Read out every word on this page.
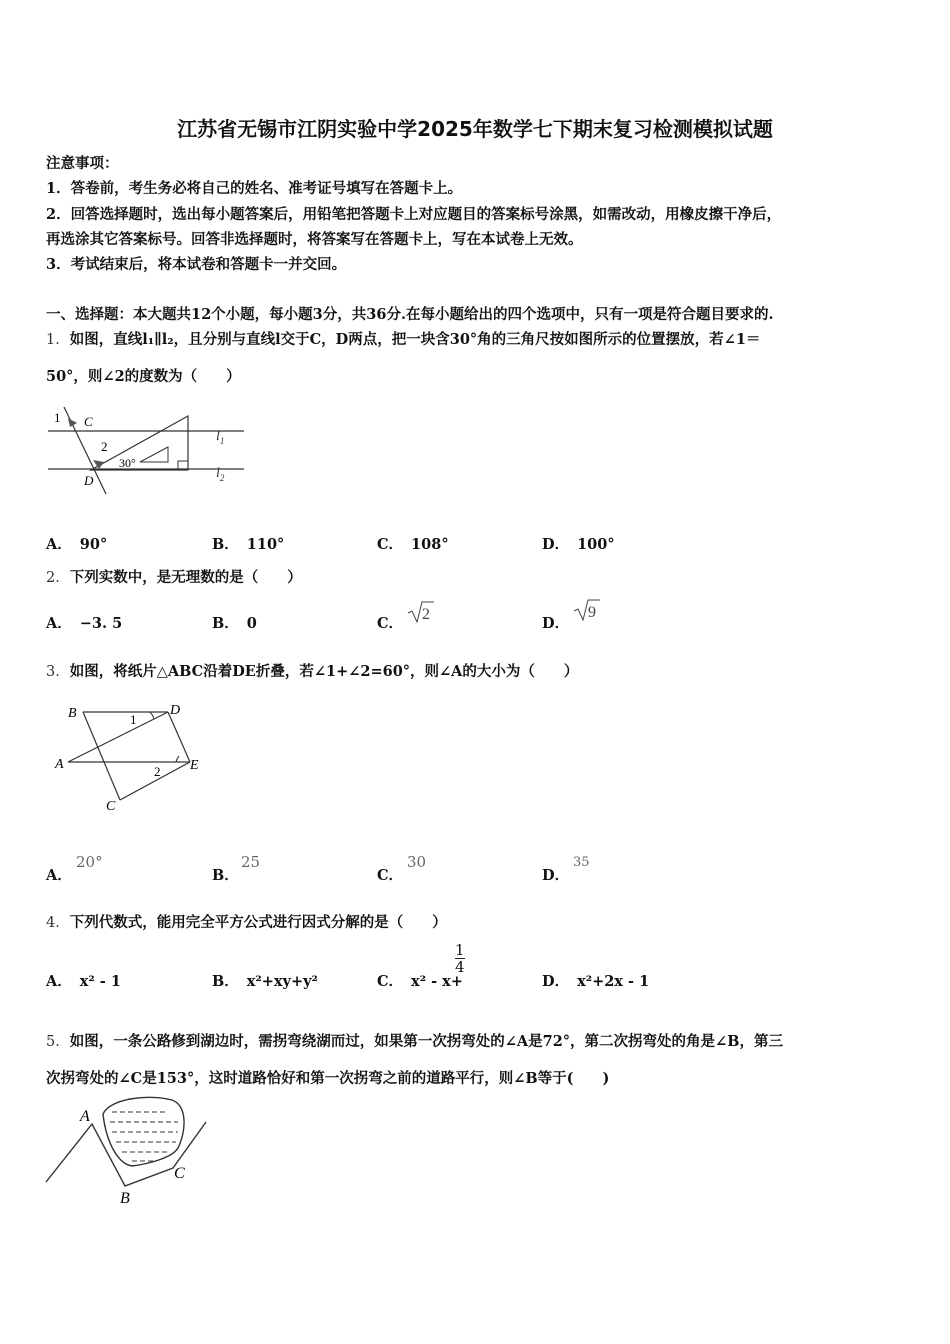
江苏省无锡市江阴实验中学2025年数学七下期末复习检测模拟试题
注意事项：
1．答卷前，考生务必将自己的姓名、准考证号填写在答题卡上。
2．回答选择题时，选出每小题答案后，用铅笔把答题卡上对应题目的答案标号涂黑，如需改动，用橡皮擦干净后，
再选涂其它答案标号。回答非选择题时，将答案写在答题卡上，写在本试卷上无效。
3．考试结束后，将本试卷和答题卡一并交回。
一、选择题：本大题共12个小题，每小题3分，共36分.在每小题给出的四个选项中，只有一项是符合题目要求的.
1．如图，直线l₁∥l₂，且分别与直线l交于C，D两点，把一块含30°角的三角尺按如图所示的位置摆放，若∠1＝
50°，则∠2的度数为（　　）
1 C
2
30°
D
$l_1$
$l_2$
A． 90°	B． 110°	C． 108°	D． 100°
2．下列实数中，是无理数的是（　　）
A． −3. 5	B． 0	C．
2
D．
9
3．如图，将纸片△ABC沿着DE折叠，若∠1+∠2=60°，则∠A的大小为（　　）
B	D
1
A	2 E
C
A．
20°
B．
25
C．
30
D．
35
4．下列代数式，能用完全平方公式进行因式分解的是（　　）
A． x² - 1	B． x²+xy+y²	C． x² - x+
$\frac{1}{4}$
D． x²+2x - 1
5．如图，一条公路修到湖边时，需拐弯绕湖而过，如果第一次拐弯处的∠A是72°，第二次拐弯处的角是∠B，第三
次拐弯处的∠C是153°，这时道路恰好和第一次拐弯之前的道路平行，则∠B等于(　　)
A
B
C
